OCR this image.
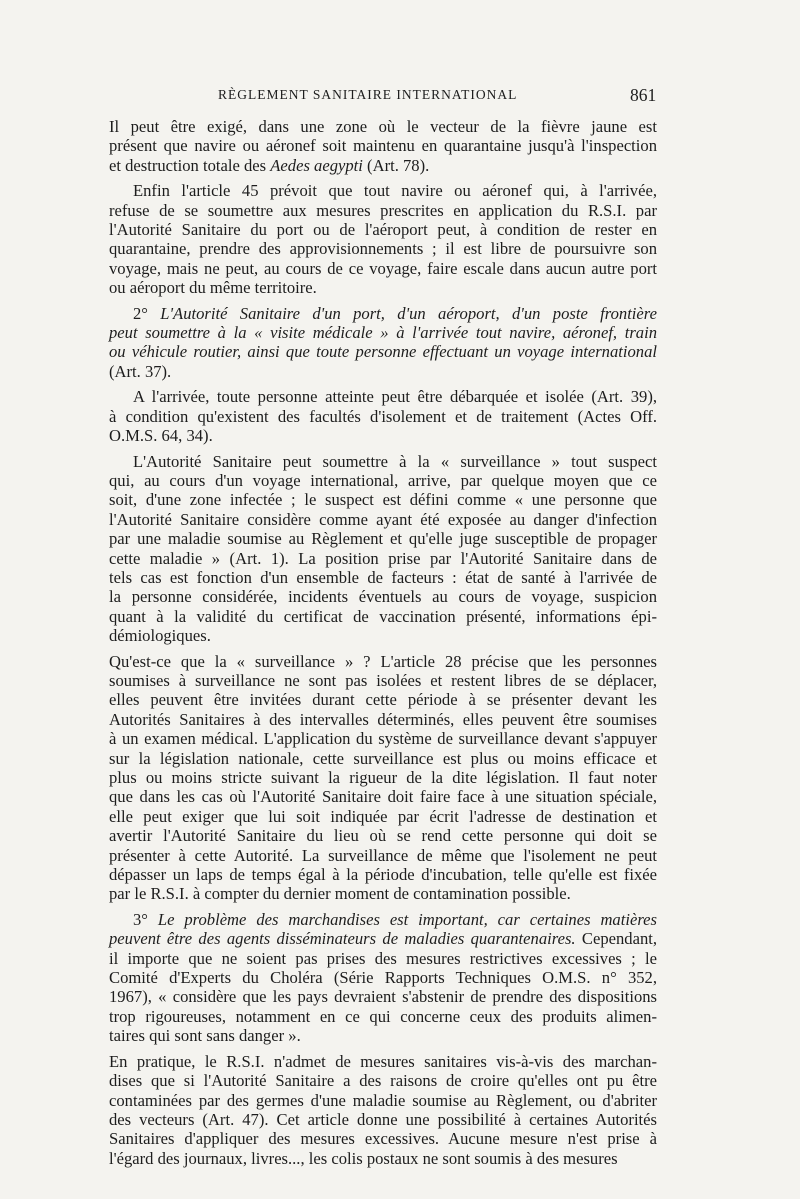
RÈGLEMENT SANITAIRE INTERNATIONAL	861
Il peut être exigé, dans une zone où le vecteur de la fièvre jaune est
présent que navire ou aéronef soit maintenu en quarantaine jusqu'à l'inspection
et destruction totale des Aedes aegypti (Art. 78).
Enfin l'article 45 prévoit que tout navire ou aéronef qui, à l'arrivée,
refuse de se soumettre aux mesures prescrites en application du R.S.I. par
l'Autorité Sanitaire du port ou de l'aéroport peut, à condition de rester en
quarantaine, prendre des approvisionnements ; il est libre de poursuivre son
voyage, mais ne peut, au cours de ce voyage, faire escale dans aucun autre port
ou aéroport du même territoire.
2° L'Autorité Sanitaire d'un port, d'un aéroport, d'un poste frontière
peut soumettre à la « visite médicale » à l'arrivée tout navire, aéronef, train
ou véhicule routier, ainsi que toute personne effectuant un voyage international
(Art. 37).
A l'arrivée, toute personne atteinte peut être débarquée et isolée (Art. 39),
à condition qu'existent des facultés d'isolement et de traitement (Actes Off.
O.M.S. 64, 34).
L'Autorité Sanitaire peut soumettre à la « surveillance » tout suspect
qui, au cours d'un voyage international, arrive, par quelque moyen que ce
soit, d'une zone infectée ; le suspect est défini comme « une personne que
l'Autorité Sanitaire considère comme ayant été exposée au danger d'infection
par une maladie soumise au Règlement et qu'elle juge susceptible de propager
cette maladie » (Art. 1). La position prise par l'Autorité Sanitaire dans de
tels cas est fonction d'un ensemble de facteurs : état de santé à l'arrivée de
la personne considérée, incidents éventuels au cours de voyage, suspicion
quant à la validité du certificat de vaccination présenté, informations épi-
démiologiques.
Qu'est-ce que la « surveillance » ? L'article 28 précise que les personnes
soumises à surveillance ne sont pas isolées et restent libres de se déplacer,
elles peuvent être invitées durant cette période à se présenter devant les
Autorités Sanitaires à des intervalles déterminés, elles peuvent être soumises
à un examen médical. L'application du système de surveillance devant s'appuyer
sur la législation nationale, cette surveillance est plus ou moins efficace et
plus ou moins stricte suivant la rigueur de la dite législation. Il faut noter
que dans les cas où l'Autorité Sanitaire doit faire face à une situation spéciale,
elle peut exiger que lui soit indiquée par écrit l'adresse de destination et
avertir l'Autorité Sanitaire du lieu où se rend cette personne qui doit se
présenter à cette Autorité. La surveillance de même que l'isolement ne peut
dépasser un laps de temps égal à la période d'incubation, telle qu'elle est fixée
par le R.S.I. à compter du dernier moment de contamination possible.
3° Le problème des marchandises est important, car certaines matières
peuvent être des agents disséminateurs de maladies quarantenaires. Cependant,
il importe que ne soient pas prises des mesures restrictives excessives ; le
Comité d'Experts du Choléra (Série Rapports Techniques O.M.S. n° 352,
1967), « considère que les pays devraient s'abstenir de prendre des dispositions
trop rigoureuses, notamment en ce qui concerne ceux des produits alimen-
taires qui sont sans danger ».
En pratique, le R.S.I. n'admet de mesures sanitaires vis-à-vis des marchan-
dises que si l'Autorité Sanitaire a des raisons de croire qu'elles ont pu être
contaminées par des germes d'une maladie soumise au Règlement, ou d'abriter
des vecteurs (Art. 47). Cet article donne une possibilité à certaines Autorités
Sanitaires d'appliquer des mesures excessives. Aucune mesure n'est prise à
l'égard des journaux, livres..., les colis postaux ne sont soumis à des mesures
